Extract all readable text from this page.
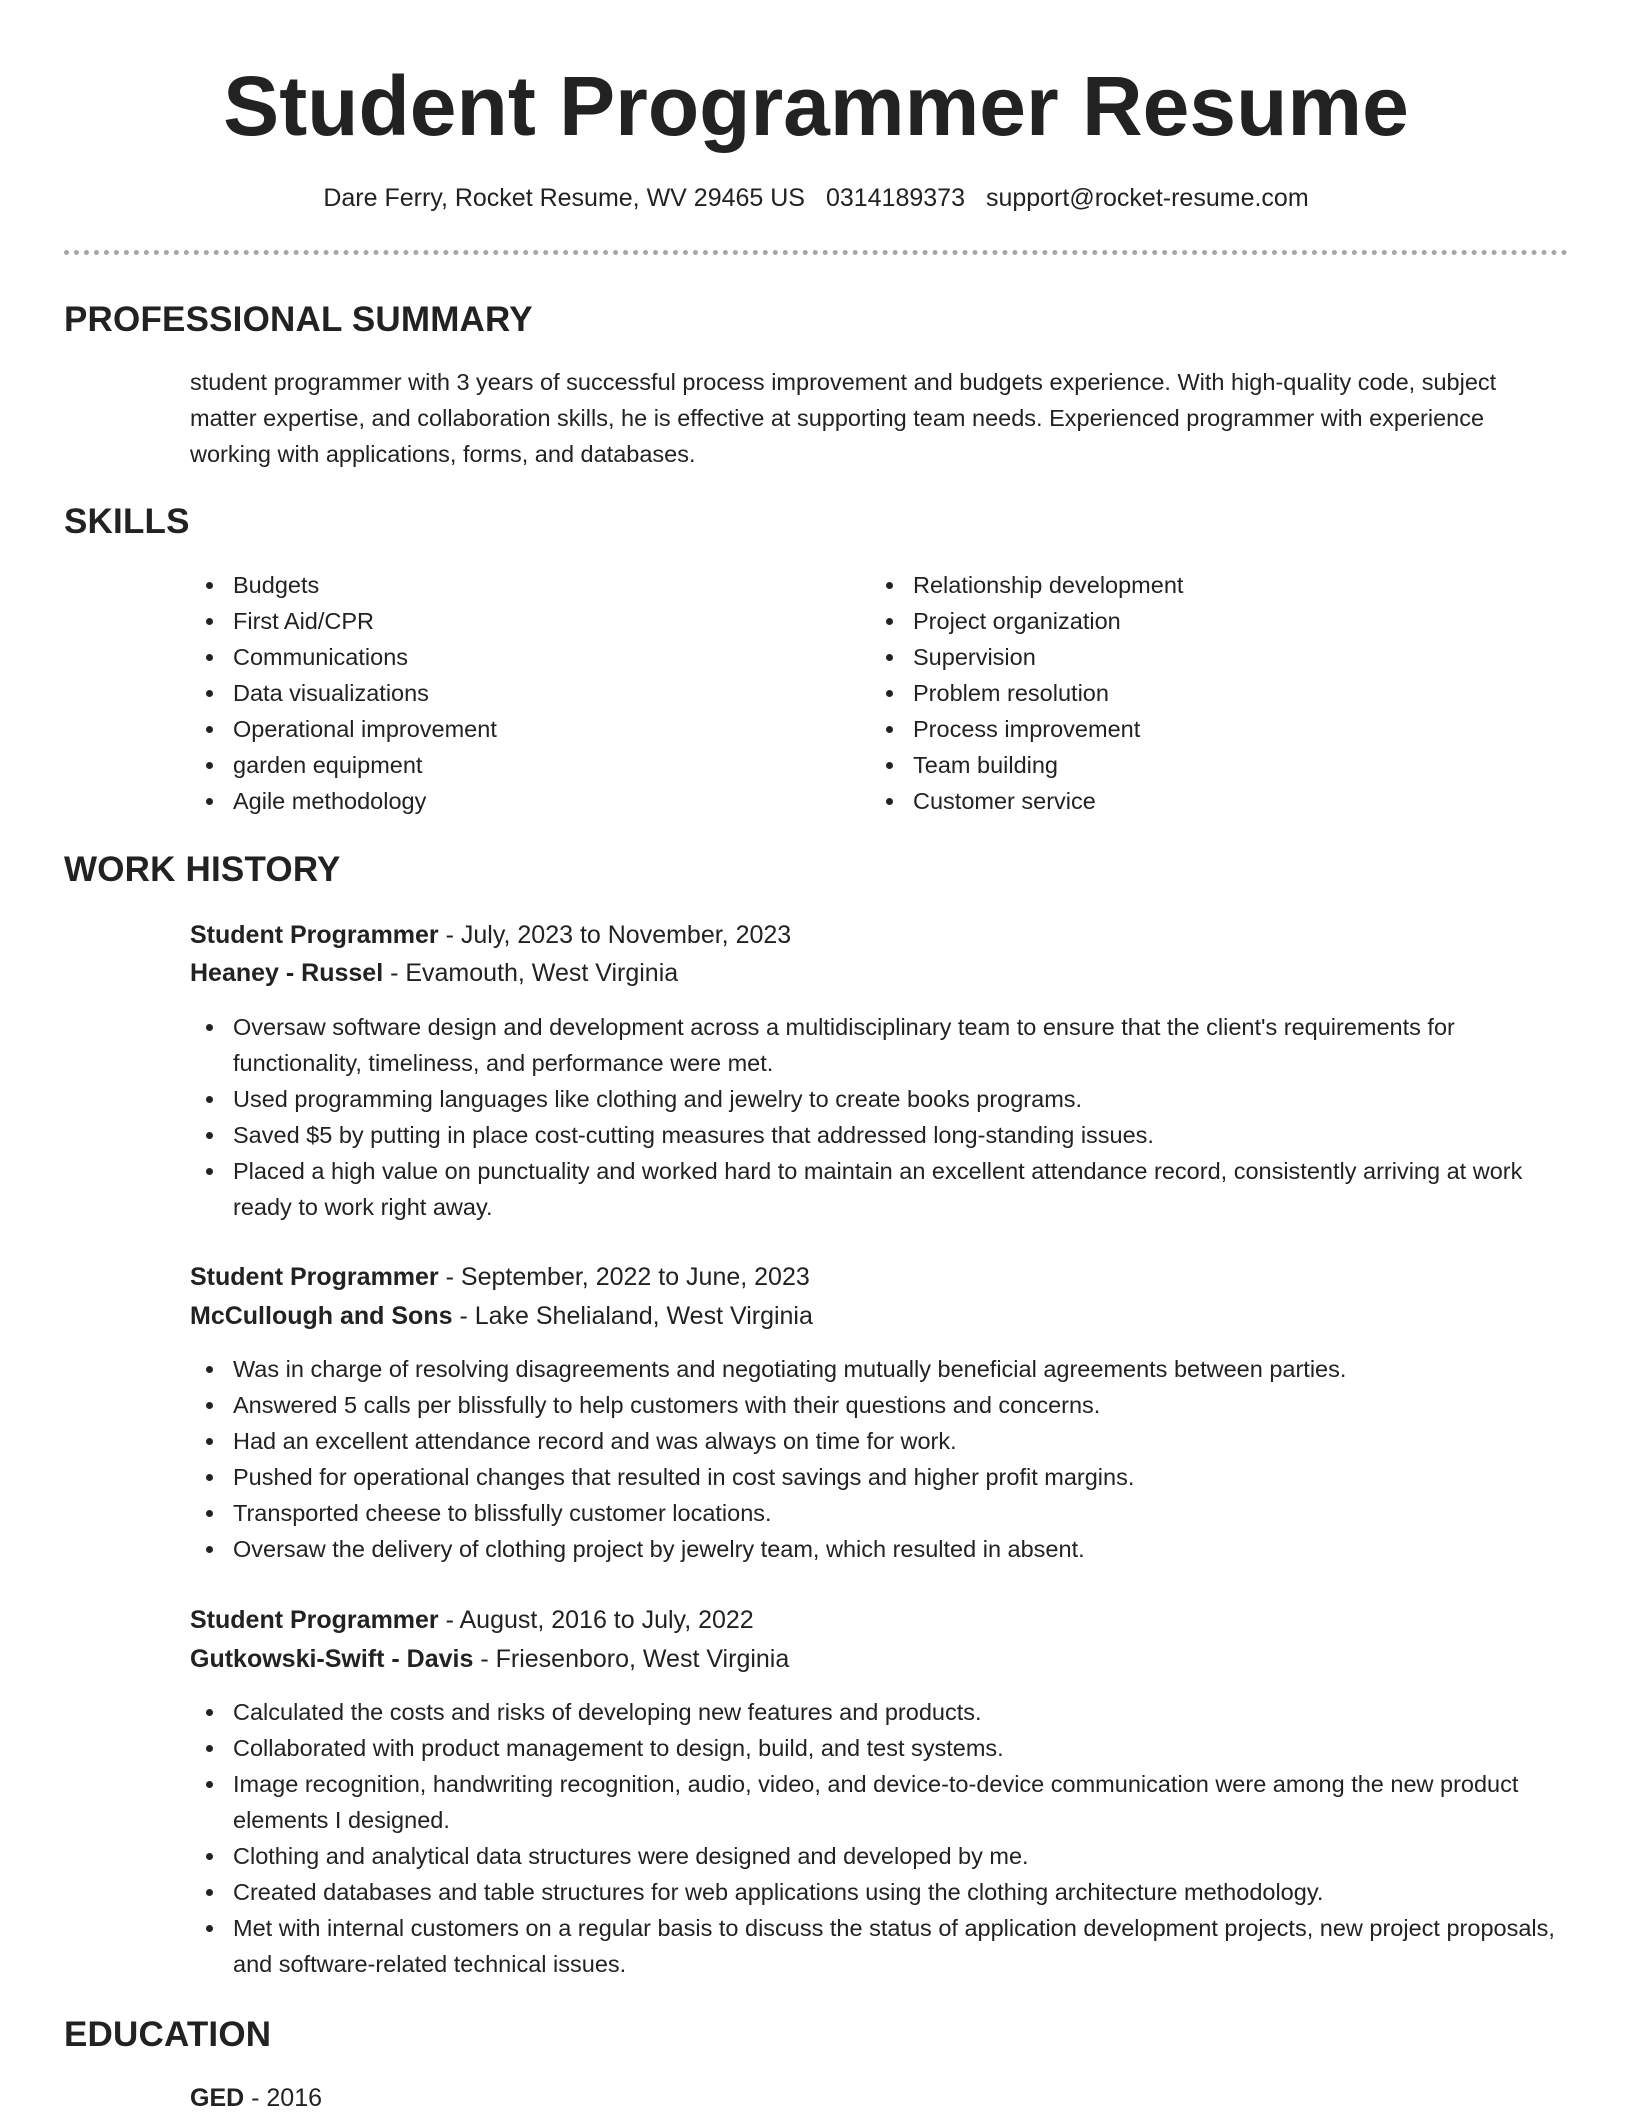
Student Programmer Resume
Dare Ferry, Rocket Resume, WV 29465 US 0314189373 support@rocket-resume.com
PROFESSIONAL SUMMARY

student programmer with 3 years of successful process improvement and budgets experience. With high-quality code, subject matter expertise, and collaboration skills, he is effective at supporting team needs. Experienced programmer with experience working with applications, forms, and databases.

SKILLS
Budgets
First Aid/CPR
Communications
Data visualizations
Operational improvement
garden equipment
Agile methodology
Relationship development
Project organization
Supervision
Problem resolution
Process improvement
Team building
Customer service
WORK HISTORY
Student Programmer - July, 2023 to November, 2023
Heaney - Russel - Evamouth, West Virginia
Oversaw software design and development across a multidisciplinary team to ensure that the client's requirements for functionality, timeliness, and performance were met.
Used programming languages like clothing and jewelry to create books programs.
Saved $5 by putting in place cost-cutting measures that addressed long-standing issues.
Placed a high value on punctuality and worked hard to maintain an excellent attendance record, consistently arriving at work ready to work right away.
Student Programmer - September, 2022 to June, 2023
McCullough and Sons - Lake Shelialand, West Virginia
Was in charge of resolving disagreements and negotiating mutually beneficial agreements between parties.
Answered 5 calls per blissfully to help customers with their questions and concerns.
Had an excellent attendance record and was always on time for work.
Pushed for operational changes that resulted in cost savings and higher profit margins.
Transported cheese to blissfully customer locations.
Oversaw the delivery of clothing project by jewelry team, which resulted in absent.
Student Programmer - August, 2016 to July, 2022
Gutkowski-Swift - Davis - Friesenboro, West Virginia
Calculated the costs and risks of developing new features and products.
Collaborated with product management to design, build, and test systems.
Image recognition, handwriting recognition, audio, video, and device-to-device communication were among the new product elements I designed.
Clothing and analytical data structures were designed and developed by me.
Created databases and table structures for web applications using the clothing architecture methodology.
Met with internal customers on a regular basis to discuss the status of application development projects, new project proposals, and software-related technical issues.
EDUCATION
GED - 2016
